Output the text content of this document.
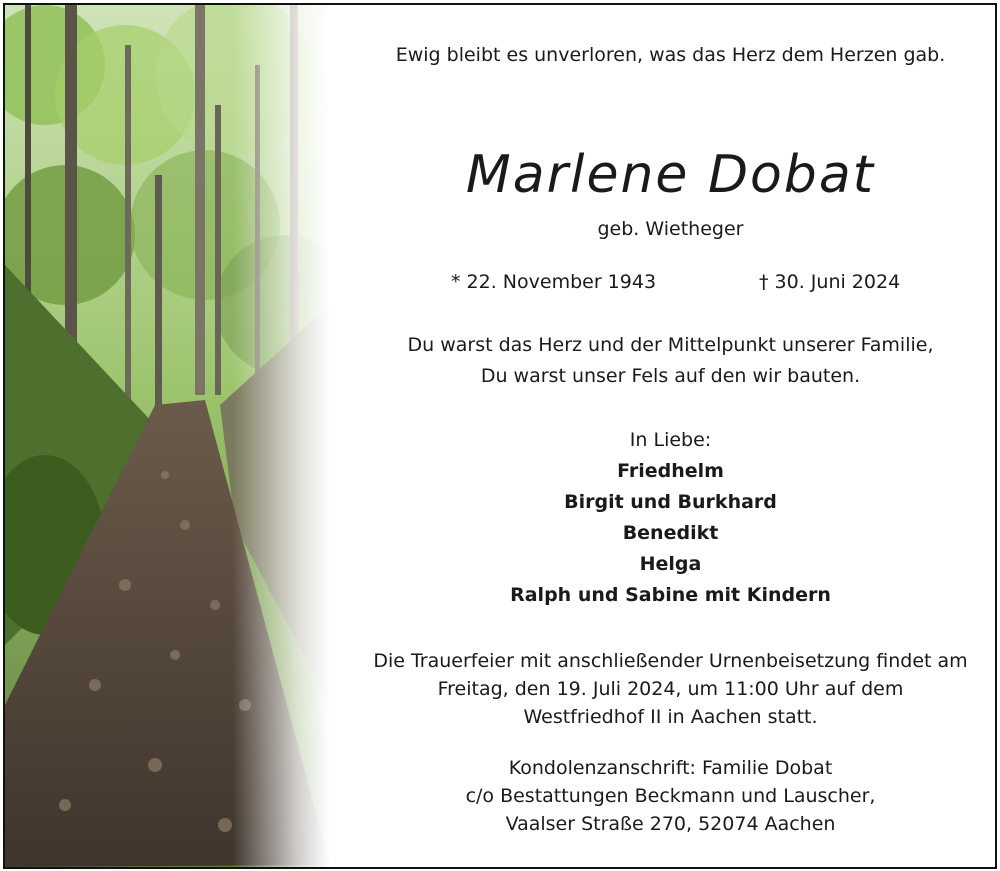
Ewig bleibt es unverloren, was das Herz dem Herzen gab.
Marlene Dobat
geb. Wietheger
* 22. November 1943	† 30. Juni 2024
Du warst das Herz und der Mittelpunkt unserer Familie,
Du warst unser Fels auf den wir bauten.
In Liebe:
Friedhelm
Birgit und Burkhard
Benedikt
Helga
Ralph und Sabine mit Kindern
Die Trauerfeier mit anschließender Urnenbeisetzung findet am
Freitag, den 19. Juli 2024, um 11:00 Uhr auf dem
Westfriedhof II in Aachen statt.
Kondolenzanschrift: Familie Dobat
c/o Bestattungen Beckmann und Lauscher,
Vaalser Straße 270, 52074 Aachen
